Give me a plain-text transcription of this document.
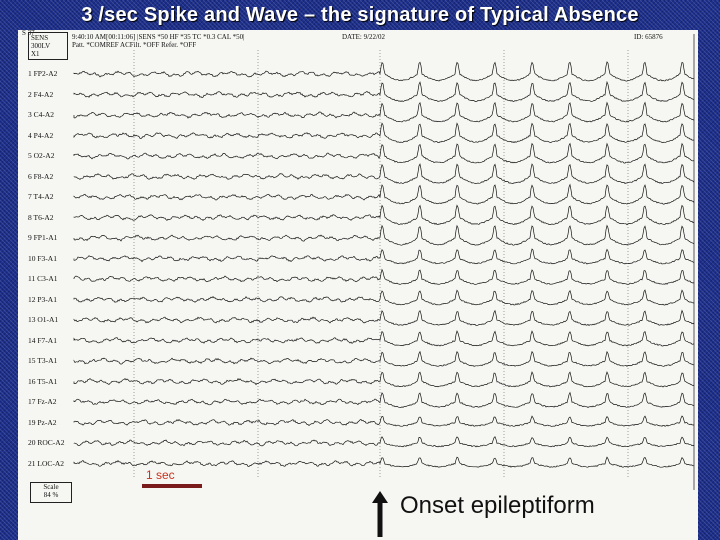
3 /sec Spike and Wave – the signature of Typical Absence
S 37
SENS
300LV
X1
9:40:10 AM[00:11:06] |SENS *50 HF *35 TC *0.3 CAL *50|
Patt. *COMREF ACFilt. *OFF Refer. *OFF
DATE: 9/22/02	ID: 65876
1 FP2-A2
2 F4-A2
3 C4-A2
4 P4-A2
5 O2-A2
6 F8-A2
7 T4-A2
8 T6-A2
9 FP1-A1
10 F3-A1
11 C3-A1
12 P3-A1
13 O1-A1
14 F7-A1
15 T3-A1
16 T5-A1
17 Fz-A2
19 Pz-A2
20 ROC-A2
21 LOC-A2
Scale
84 %
1 sec
Onset epileptiform
